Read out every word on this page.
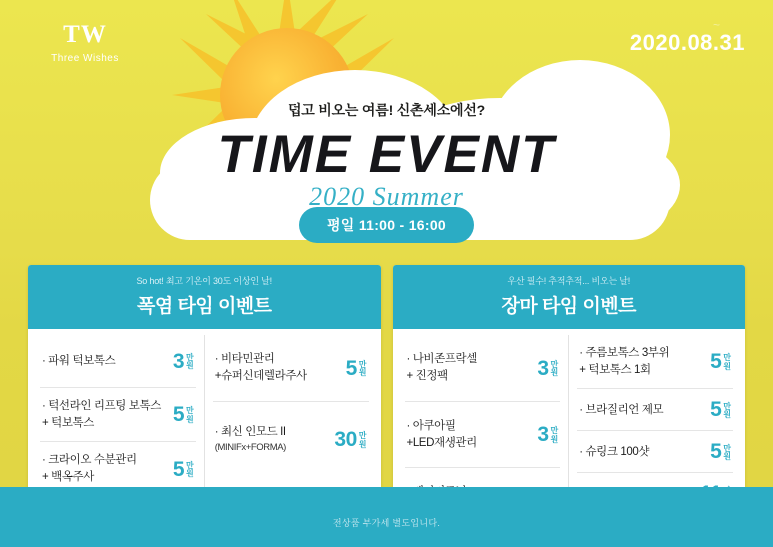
TW
Three Wishes
~
2020.08.31
덥고 비오는 여름! 신촌세소에선?
TIME EVENT
2020 Summer
평일 11:00 - 16:00
So hot! 최고 기온이 30도 이상인 날!
폭염 타임 이벤트
· 파워 턱보톡스	3 만
원
· 턱선라인 리프팅 보톡스
+ 턱보톡스	5 만
원
· 크라이오 수분관리
+ 백옥주사	5 만
원
· 비타민관리
+슈퍼신데렐라주사 5 만
원
· 최신 인모드 II
(MINIFx+FORMA) 30 만
원
우산 필수! 추적추적... 비오는 날!
장마 타임 이벤트
· 나비존프락셀
+ 진정팩	3 만
원
· 아쿠아필
+LED재생관리	3 만
원
· 주름보톡스 3부위
+ 턱보톡스 1회	5 만
원
· 브라질리언 제모 5 만
원
· 슈링크 100샷	5 만
원
전상품 부가세 별도입니다.
